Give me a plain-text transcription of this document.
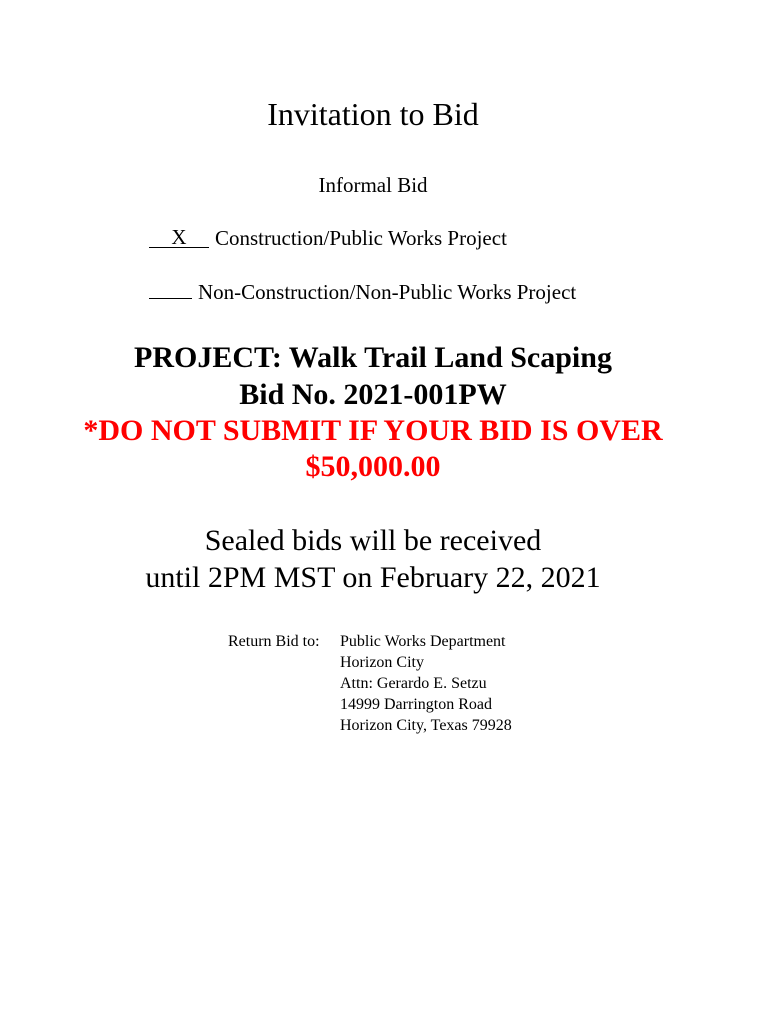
Invitation to Bid
Informal Bid
X Construction/Public Works Project
Non-Construction/Non-Public Works Project
PROJECT: Walk Trail Land Scaping
Bid No. 2021-001PW
*DO NOT SUBMIT IF YOUR BID IS OVER
$50,000.00
Sealed bids will be received
until 2PM MST on February 22, 2021
Return Bid to: Public Works Department
Horizon City
Attn: Gerardo E. Setzu
14999 Darrington Road
Horizon City, Texas 79928
